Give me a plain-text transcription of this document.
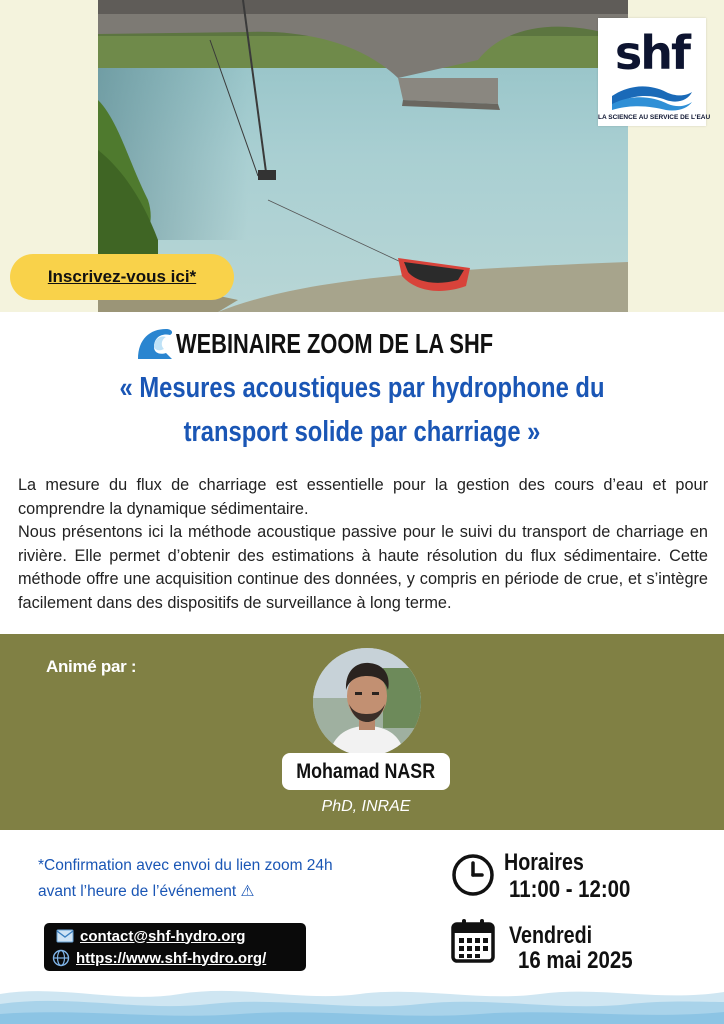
shf
LA SCIENCE AU SERVICE DE L'EAU
Inscrivez-vous ici*
WEBINAIRE ZOOM DE LA SHF
« Mesures acoustiques par hydrophone du
transport solide par charriage »

La mesure du flux de charriage est essentielle pour la gestion des cours d’eau et pour comprendre la dynamique sédimentaire.

Nous présentons ici la méthode acoustique passive pour le suivi du transport de charriage en rivière. Elle permet d’obtenir des estimations à haute résolution du flux sédimentaire. Cette méthode offre une acquisition continue des données, y compris en période de crue, et s’intègre facilement dans des dispositifs de surveillance à long terme.

Animé par :
Mohamad NASR
PhD, INRAE
*Confirmation avec envoi du lien zoom 24h
avant l’heure de l’événement ⚠
contact@shf-hydro.org
https://www.shf-hydro.org/
Horaires
11:00 - 12:00
Vendredi
16 mai 2025
